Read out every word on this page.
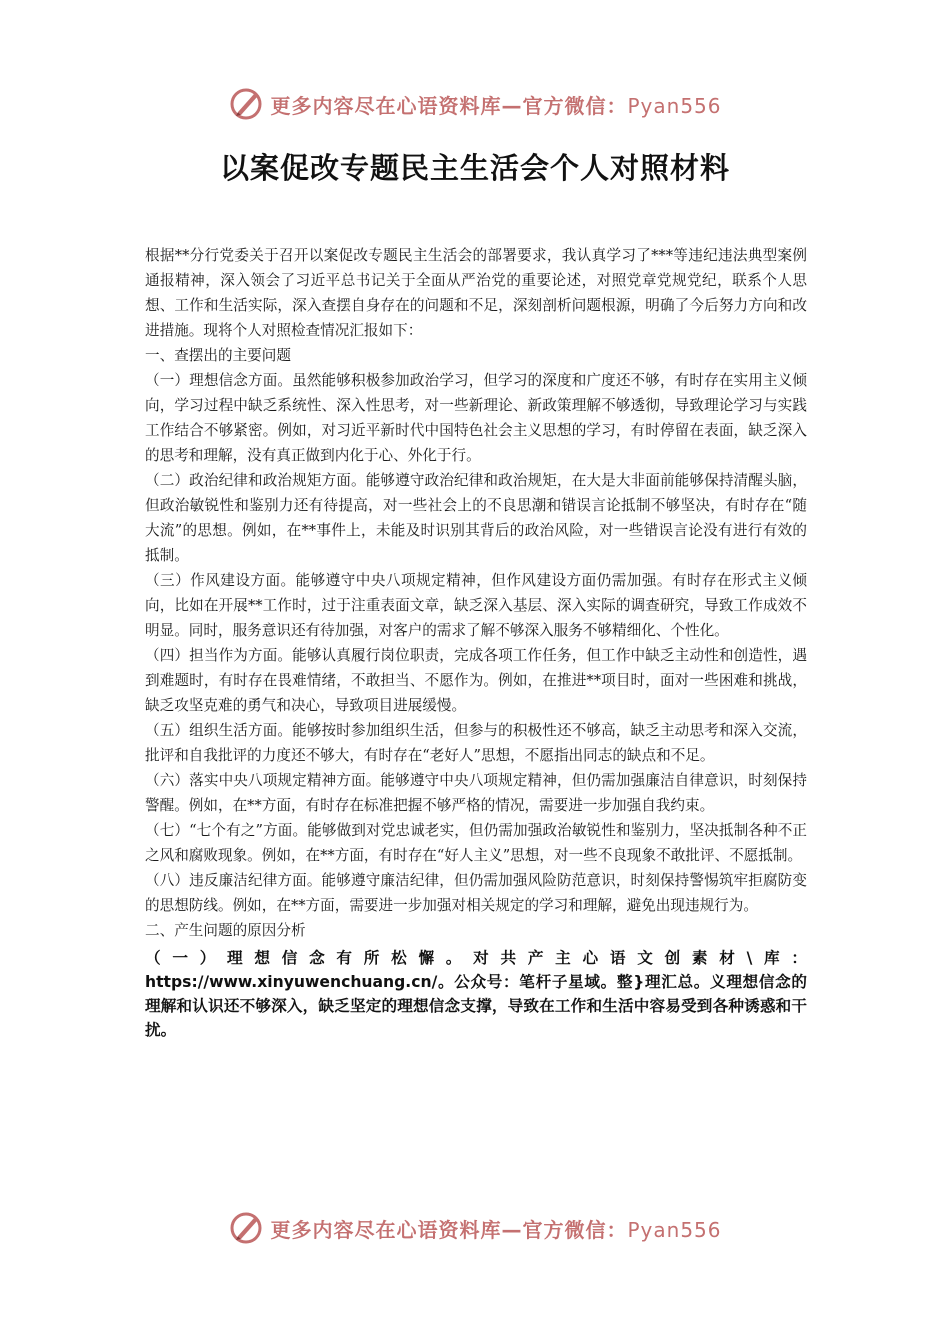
更多内容尽在心语资料库—官方微信：Pyan556
以案促改专题民主生活会个人对照材料

根据**分行党委关于召开以案促改专题民主生活会的部署要求，我认真学习了***等违纪违法典型案例通报精神，深入领会了习近平总书记关于全面从严治党的重要论述，对照党章党规党纪，联系个人思想、工作和生活实际，深入查摆自身存在的问题和不足，深刻剖析问题根源，明确了今后努力方向和改进措施。现将个人对照检查情况汇报如下：

一、查摆出的主要问题

（一）理想信念方面。虽然能够积极参加政治学习，但学习的深度和广度还不够，有时存在实用主义倾向，学习过程中缺乏系统性、深入性思考，对一些新理论、新政策理解不够透彻，导致理论学习与实践工作结合不够紧密。例如，对习近平新时代中国特色社会主义思想的学习，有时停留在表面，缺乏深入的思考和理解，没有真正做到内化于心、外化于行。

（二）政治纪律和政治规矩方面。能够遵守政治纪律和政治规矩，在大是大非面前能够保持清醒头脑，但政治敏锐性和鉴别力还有待提高，对一些社会上的不良思潮和错误言论抵制不够坚决，有时存在“随大流”的思想。例如，在**事件上，未能及时识别其背后的政治风险，对一些错误言论没有进行有效的抵制。

（三）作风建设方面。能够遵守中央八项规定精神，但作风建设方面仍需加强。有时存在形式主义倾向，比如在开展**工作时，过于注重表面文章，缺乏深入基层、深入实际的调查研究，导致工作成效不明显。同时，服务意识还有待加强，对客户的需求了解不够深入服务不够精细化、个性化。

（四）担当作为方面。能够认真履行岗位职责，完成各项工作任务，但工作中缺乏主动性和创造性，遇到难题时，有时存在畏难情绪，不敢担当、不愿作为。例如，在推进**项目时，面对一些困难和挑战，缺乏攻坚克难的勇气和决心，导致项目进展缓慢。

（五）组织生活方面。能够按时参加组织生活，但参与的积极性还不够高，缺乏主动思考和深入交流，批评和自我批评的力度还不够大，有时存在“老好人”思想，不愿指出同志的缺点和不足。

（六）落实中央八项规定精神方面。能够遵守中央八项规定精神，但仍需加强廉洁自律意识，时刻保持警醒。例如，在**方面，有时存在标准把握不够严格的情况，需要进一步加强自我约束。

（七）“七个有之”方面。能够做到对党忠诚老实，但仍需加强政治敏锐性和鉴别力，坚决抵制各种不正之风和腐败现象。例如，在**方面，有时存在“好人主义”思想，对一些不良现象不敢批评、不愿抵制。

（八）违反廉洁纪律方面。能够遵守廉洁纪律，但仍需加强风险防范意识，时刻保持警惕筑牢拒腐防变的思想防线。例如，在**方面，需要进一步加强对相关规定的学习和理解，避免出现违规行为。

二、产生问题的原因分析

（一）理想信念有所松懈。对共产主心语文创素材\库：https://www.xinyuwenchuang.cn/。公众号：笔杆子星域。整}理汇总。义理想信念的理解和认识还不够深入，缺乏坚定的理想信念支撑，导致在工作和生活中容易受到各种诱惑和干扰。

更多内容尽在心语资料库—官方微信：Pyan556
